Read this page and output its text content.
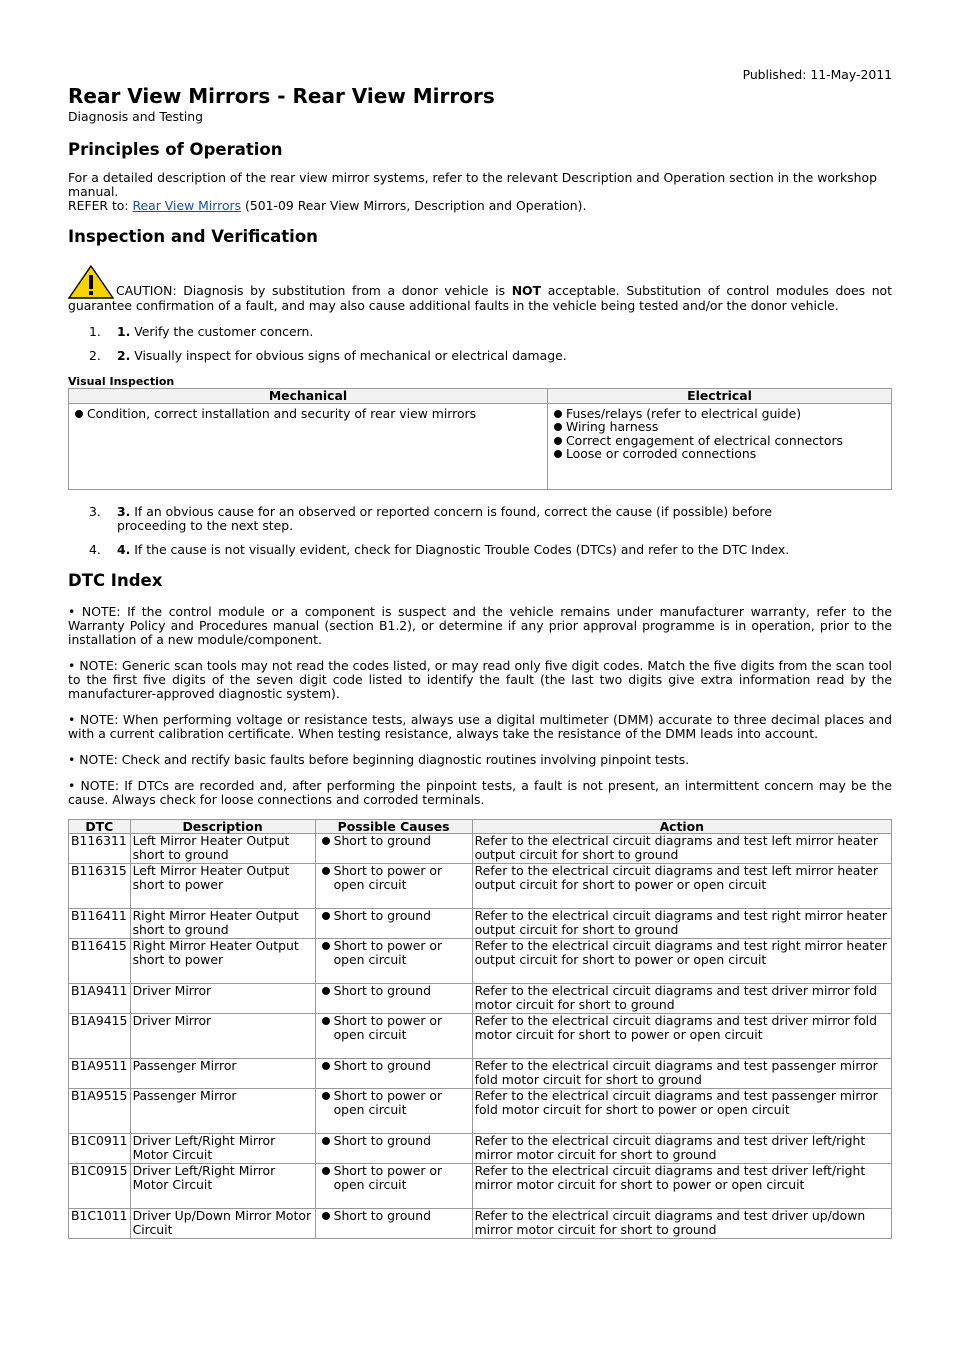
Published: 11-May-2011
Rear View Mirrors - Rear View Mirrors
Diagnosis and Testing
Principles of Operation

For a detailed description of the rear view mirror systems, refer to the relevant Description and Operation section in the workshop manual.

REFER to: Rear View Mirrors (501-09 Rear View Mirrors, Description and Operation).

Inspection and Verification

CAUTION: Diagnosis by substitution from a donor vehicle is NOT acceptable. Substitution of control modules does not guarantee confirmation of a fault, and may also cause additional faults in the vehicle being tested and/or the donor vehicle.

1. 1. Verify the customer concern.
2. 2. Visually inspect for obvious signs of mechanical or electrical damage.
Visual Inspection
Mechanical	Electrical

Condition, correct installation and security of rear view mirrors	Fuses/relays (refer to electrical guide)
Wiring harness
Correct engagement of electrical connectors
Loose or corroded connections
3. 3. If an obvious cause for an observed or reported concern is found, correct the cause (if possible) before proceeding to the next step.
4. 4. If the cause is not visually evident, check for Diagnostic Trouble Codes (DTCs) and refer to the DTC Index.
DTC Index

• NOTE: If the control module or a component is suspect and the vehicle remains under manufacturer warranty, refer to the Warranty Policy and Procedures manual (section B1.2), or determine if any prior approval programme is in operation, prior to the installation of a new module/component.

• NOTE: Generic scan tools may not read the codes listed, or may read only five digit codes. Match the five digits from the scan tool to the first five digits of the seven digit code listed to identify the fault (the last two digits give extra information read by the manufacturer-approved diagnostic system).

• NOTE: When performing voltage or resistance tests, always use a digital multimeter (DMM) accurate to three decimal places and with a current calibration certificate. When testing resistance, always take the resistance of the DMM leads into account.

• NOTE: Check and rectify basic faults before beginning diagnostic routines involving pinpoint tests.

• NOTE: If DTCs are recorded and, after performing the pinpoint tests, a fault is not present, an intermittent concern may be the cause. Always check for loose connections and corroded terminals.

DTC	Description	Possible Causes	Action
B116311	Left Mirror Heater Output short to ground	Short to ground	Refer to the electrical circuit diagrams and test left mirror heater output circuit for short to ground
B116315	Left Mirror Heater Output short to power	Short to power or open circuit	Refer to the electrical circuit diagrams and test left mirror heater output circuit for short to power or open circuit
B116411	Right Mirror Heater Output short to ground	Short to ground	Refer to the electrical circuit diagrams and test right mirror heater output circuit for short to ground
B116415	Right Mirror Heater Output short to power	Short to power or open circuit	Refer to the electrical circuit diagrams and test right mirror heater output circuit for short to power or open circuit
B1A9411	Driver Mirror	Short to ground	Refer to the electrical circuit diagrams and test driver mirror fold motor circuit for short to ground
B1A9415	Driver Mirror	Short to power or open circuit	Refer to the electrical circuit diagrams and test driver mirror fold motor circuit for short to power or open circuit
B1A9511	Passenger Mirror	Short to ground	Refer to the electrical circuit diagrams and test passenger mirror fold motor circuit for short to ground
B1A9515	Passenger Mirror	Short to power or open circuit	Refer to the electrical circuit diagrams and test passenger mirror fold motor circuit for short to power or open circuit
B1C0911	Driver Left/Right Mirror Motor Circuit	Short to ground	Refer to the electrical circuit diagrams and test driver left/right mirror motor circuit for short to ground
B1C0915	Driver Left/Right Mirror Motor Circuit	Short to power or open circuit	Refer to the electrical circuit diagrams and test driver left/right mirror motor circuit for short to power or open circuit
B1C1011	Driver Up/Down Mirror Motor Circuit	Short to ground	Refer to the electrical circuit diagrams and test driver up/down mirror motor circuit for short to ground
